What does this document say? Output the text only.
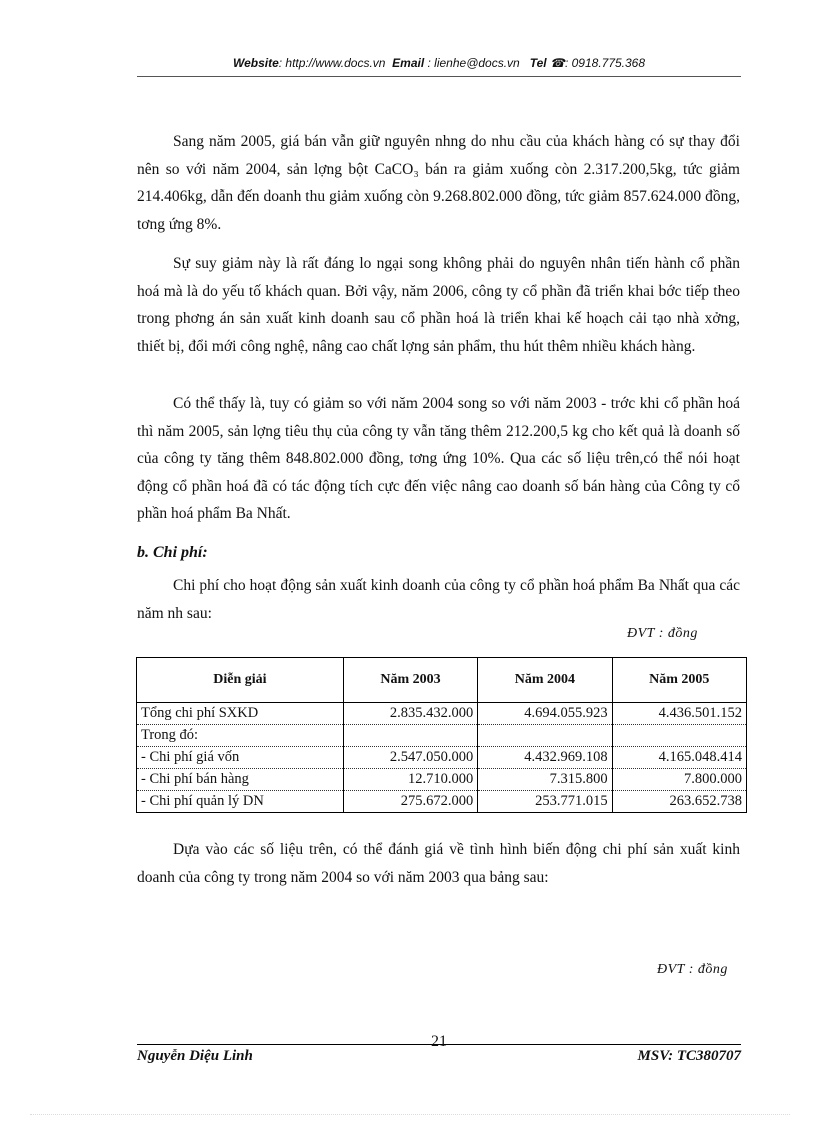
Website: http://www.docs.vn Email : lienhe@docs.vn Tel ☎: 0918.775.368

Sang năm 2005, giá bán vẫn giữ nguyên nhng do nhu cầu của khách hàng có sự thay đổi nên so với năm 2004, sản lợng bột CaCO₃ bán ra giảm xuống còn 2.317.200,5kg, tức giảm 214.406kg, dẫn đến doanh thu giảm xuống còn 9.268.802.000 đồng, tức giảm 857.624.000 đồng, tơng ứng 8%.

Sự suy giảm này là rất đáng lo ngại song không phải do nguyên nhân tiến hành cổ phần hoá mà là do yếu tố khách quan. Bởi vậy, năm 2006, công ty cổ phần đã triển khai bớc tiếp theo trong phơng án sản xuất kinh doanh sau cổ phần hoá là triển khai kế hoạch cải tạo nhà xởng, thiết bị, đổi mới công nghệ, nâng cao chất lợng sản phẩm, thu hút thêm nhiều khách hàng.

Có thể thấy là, tuy có giảm so với năm 2004 song so với năm 2003 - trớc khi cổ phần hoá thì năm 2005, sản lợng tiêu thụ của công ty vẫn tăng thêm 212.200,5 kg cho kết quả là doanh số của công ty tăng thêm 848.802.000 đồng, tơng ứng 10%. Qua các số liệu trên,có thể nói hoạt động cổ phần hoá đã có tác động tích cực đến việc nâng cao doanh số bán hàng của Công ty cổ phần hoá phẩm Ba Nhất.

b. Chi phí:

Chi phí cho hoạt động sản xuất kinh doanh của công ty cổ phần hoá phẩm Ba Nhất qua các năm nh sau:

ĐVT : đồng
Diễn giải	Năm 2003	Năm 2004	Năm 2005
Tổng chi phí SXKD	2.835.432.000	4.694.055.923	4.436.501.152
Trong đó:			
- Chi phí giá vốn	2.547.050.000	4.432.969.108	4.165.048.414
- Chi phí bán hàng	12.710.000	7.315.800	7.800.000
- Chi phí quản lý DN	275.672.000	253.771.015	263.652.738

Dựa vào các số liệu trên, có thể đánh giá về tình hình biến động chi phí sản xuất kinh doanh của công ty trong năm 2004 so với năm 2003 qua bảng sau:

ĐVT : đồng
Nguyễn Diệu Linh
21
MSV: TC380707
